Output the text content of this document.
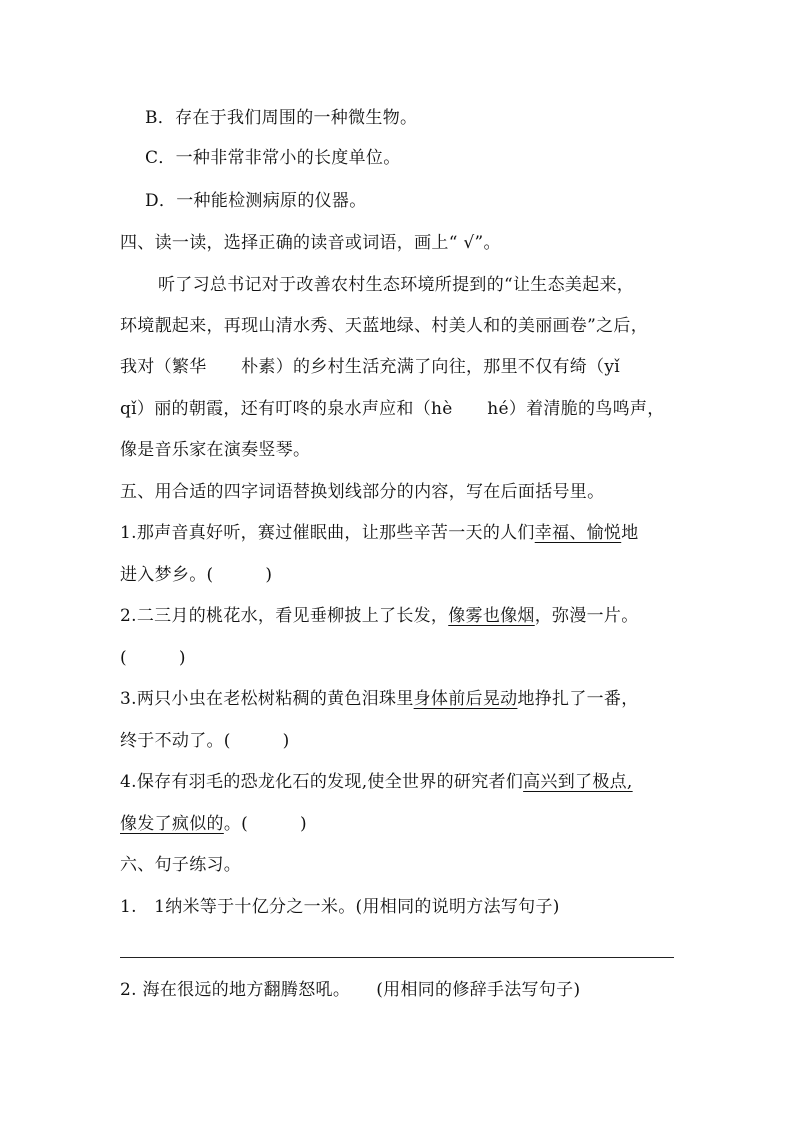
B．存在于我们周围的一种微生物。
C．一种非常非常小的长度单位。
D．一种能检测病原的仪器。
四、读一读，选择正确的读音或词语，画上“ √”。
听了习总书记对于改善农村生态环境所提到的“让生态美起来，
环境靓起来，再现山清水秀、天蓝地绿、村美人和的美丽画卷”之后，
我对（繁华　　朴素）的乡村生活充满了向往，那里不仅有绮（yǐ
qǐ）丽的朝霞，还有叮咚的泉水声应和（hè　　hé）着清脆的鸟鸣声，
像是音乐家在演奏竖琴。
五、用合适的四字词语替换划线部分的内容，写在后面括号里。
1.那声音真好听，赛过催眠曲，让那些辛苦一天的人们幸福、愉悦地
进入梦乡。(　　　)
2.二三月的桃花水，看见垂柳披上了长发，像雾也像烟，弥漫一片。
(　　　)
3.两只小虫在老松树粘稠的黄色泪珠里身体前后晃动地挣扎了一番，
终于不动了。(　　　)
4.保存有羽毛的恐龙化石的发现,使全世界的研究者们高兴到了极点,
像发了疯似的。(　　　)
六、句子练习。
1.　1纳米等于十亿分之一米。(用相同的说明方法写句子)
2. 海在很远的地方翻腾怒吼。　　(用相同的修辞手法写句子)
